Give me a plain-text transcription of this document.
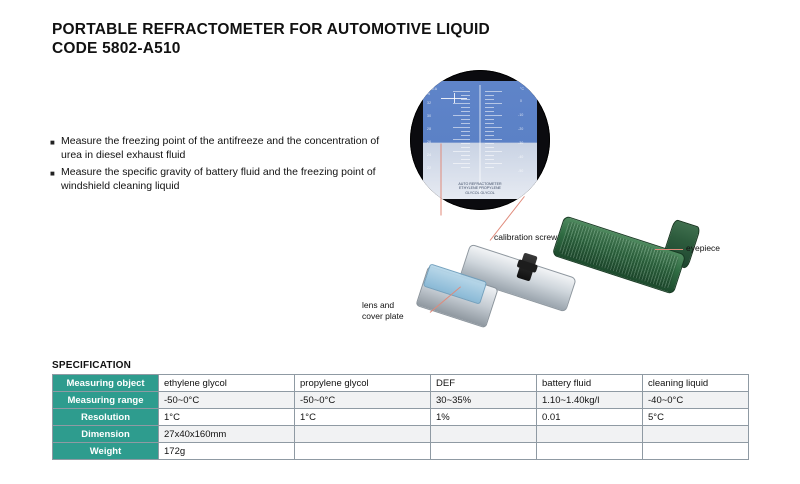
PORTABLE REFRACTOMETER FOR AUTOMOTIVE LIQUID
CODE 5802-A510
■ Measure the freezing point of the antifreeze and the concentration of urea in diesel exhaust fluid
■ Measure the specific gravity of battery fluid and the freezing point of windshield cleaning liquid
UREA
%
32
30
28
26
24
22
°C
0
-10
-20
-30
-40
-50
AUTO REFRACTOMETER
ETHYLENE PROPYLENE
GLYCOL GLYCOL
calibration screw
eyepiece
lens and
cover plate
SPECIFICATION
Measuring object	ethylene glycol	propylene glycol	DEF	battery fluid	cleaning liquid
Measuring range	-50~0°C	-50~0°C	30~35%	1.10~1.40kg/l	-40~0°C
Resolution	1°C	1°C	1%	0.01	5°C
Dimension	27x40x160mm				
Weight	172g				
